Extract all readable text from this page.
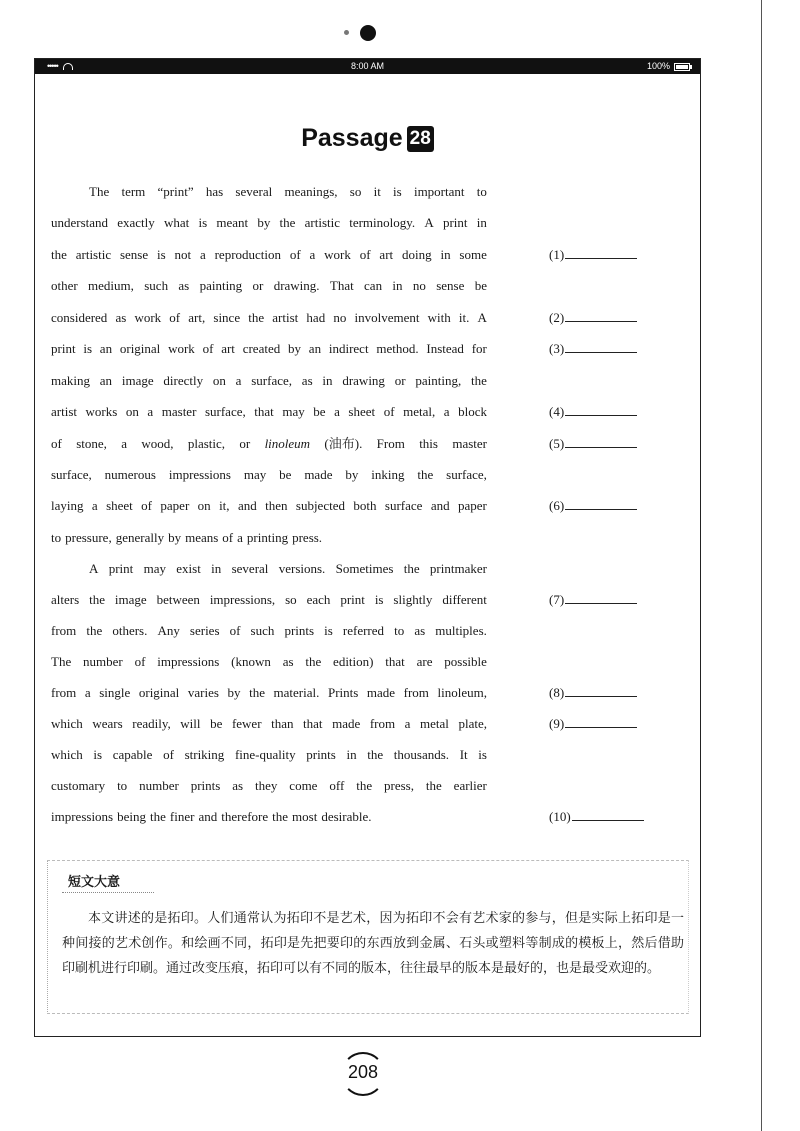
•••••	8:00 AM	100%
Passage 28
The term “print” has several meanings, so it is important to
understand exactly what is meant by the artistic terminology. A print in
the artistic sense is not a reproduction of a work of art doing in some
other medium, such as painting or drawing. That can in no sense be
considered as work of art, since the artist had no involvement with it. A
print is an original work of art created by an indirect method. Instead for
making an image directly on a surface, as in drawing or painting, the
artist works on a master surface, that may be a sheet of metal, a block
of stone, a wood, plastic, or linoleum (油布). From this master
surface, numerous impressions may be made by inking the surface,
laying a sheet of paper on it, and then subjected both surface and paper
to pressure, generally by means of a printing press.
A print may exist in several versions. Sometimes the printmaker
alters the image between impressions, so each print is slightly different
from the others. Any series of such prints is referred to as multiples.
The number of impressions (known as the edition) that are possible
from a single original varies by the material. Prints made from linoleum,
which wears readily, will be fewer than that made from a metal plate,
which is capable of striking fine-quality prints in the thousands. It is
customary to number prints as they come off the press, the earlier
impressions being the finer and therefore the most desirable.
(1)
(2)
(3)
(4)
(5)
(6)
(7)
(8)
(9)
(10)
短文大意
本文讲述的是拓印。人们通常认为拓印不是艺术，因为拓印不会有艺术家的参与，但是实际上拓印是一种间接的艺术创作。和绘画不同，拓印是先把要印的东西放到金属、石头或塑料等制成的模板上，然后借助印刷机进行印刷。通过改变压痕，拓印可以有不同的版本，往往最早的版本是最好的，也是最受欢迎的。
208
